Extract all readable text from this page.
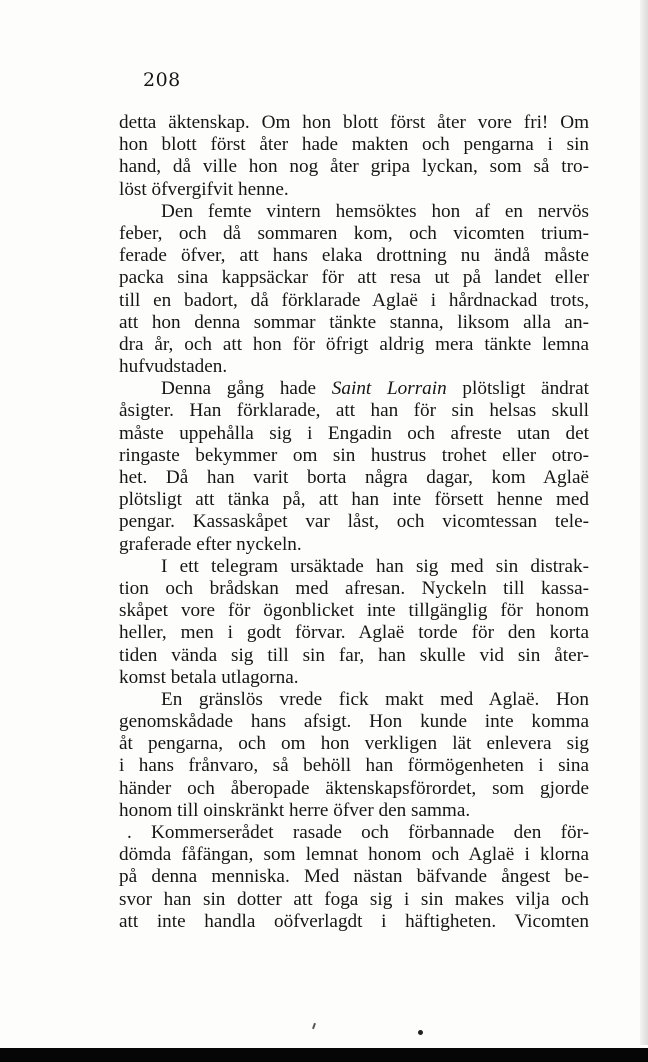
208
detta äktenskap. Om hon blott först åter vore fri! Om
hon blott först åter hade makten och pengarna i sin
hand, då ville hon nog åter gripa lyckan, som så tro-
löst öfvergifvit henne.
Den femte vintern hemsöktes hon af en nervös
feber, och då sommaren kom, och vicomten trium-
ferade öfver, att hans elaka drottning nu ändå måste
packa sina kappsäckar för att resa ut på landet eller
till en badort, då förklarade Aglaë i hårdnackad trots,
att hon denna sommar tänkte stanna, liksom alla an-
dra år, och att hon för öfrigt aldrig mera tänkte lemna
hufvudstaden.
Denna gång hade Saint Lorrain plötsligt ändrat
åsigter. Han förklarade, att han för sin helsas skull
måste uppehålla sig i Engadin och afreste utan det
ringaste bekymmer om sin hustrus trohet eller otro-
het. Då han varit borta några dagar, kom Aglaë
plötsligt att tänka på, att han inte försett henne med
pengar. Kassaskåpet var låst, och vicomtessan tele-
graferade efter nyckeln.
I ett telegram ursäktade han sig med sin distrak-
tion och brådskan med afresan. Nyckeln till kassa-
skåpet vore för ögonblicket inte tillgänglig för honom
heller, men i godt förvar. Aglaë torde för den korta
tiden vända sig till sin far, han skulle vid sin åter-
komst betala utlagorna.
En gränslös vrede fick makt med Aglaë. Hon
genomskådade hans afsigt. Hon kunde inte komma
åt pengarna, och om hon verkligen lät enlevera sig
i hans frånvaro, så behöll han förmögenheten i sina
händer och åberopade äktenskapsförordet, som gjorde
honom till oinskränkt herre öfver den samma.
. Kommerserådet rasade och förbannade den för-
dömda fåfängan, som lemnat honom och Aglaë i klorna
på denna menniska. Med nästan bäfvande ångest be-
svor han sin dotter att foga sig i sin makes vilja och
att inte handla oöfverlagdt i häftigheten. Vicomten
